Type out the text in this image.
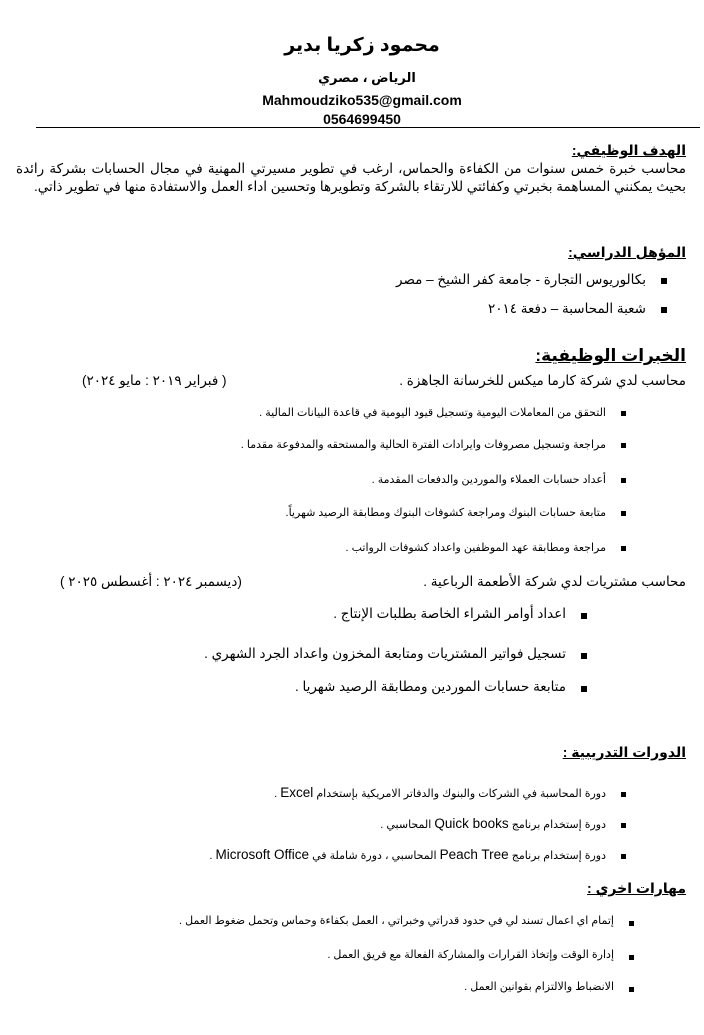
محمود زكريا بدير
الرياض ، مصري
Mahmoudziko535@gmail.com
0564699450
الهدف الوظيفي:
محاسب خبرة خمس سنوات من الكفاءة والحماس، ارغب في تطوير مسيرتي المهنية في مجال الحسابات بشركة رائدة بحيث يمكنني المساهمة بخبرتي وكفائتي للارتقاء بالشركة وتطويرها وتحسين اداء العمل والاستفادة منها في تطوير ذاتي.
المؤهل الدراسي:
بكالوريوس التجارة - جامعة كفر الشيخ – مصر
شعبة المحاسبة – دفعة ٢٠١٤
الخبرات الوظيفية:
محاسب لدي شركة كارما ميكس للخرسانة الجاهزة .
( فبراير ٢٠١٩ : مايو ٢٠٢٤)
التحقق من المعاملات اليومية وتسجيل قيود اليومية في قاعدة البيانات المالية .
مراجعة وتسجيل مصروفات وايرادات الفترة الحالية والمستحقه والمدفوعة مقدما .
أعداد حسابات العملاء والموردين والدفعات المقدمة .
متابعة حسابات البنوك ومراجعة كشوفات البنوك ومطابقة الرصيد شهرياً.
مراجعة ومطابقة عهد الموظفين واعداد كشوفات الرواتب .
محاسب مشتريات لدي شركة الأطعمة الرباعية .
(ديسمبر ٢٠٢٤ : أغسطس ٢٠٢٥ )
اعداد أوامر الشراء الخاصة بطلبات الإنتاج .
تسجيل فواتير المشتريات ومتابعة المخزون واعداد الجرد الشهري .
متابعة حسابات الموردين ومطابقة الرصيد شهريا .
الدورات التدريبية :
دورة المحاسبة في الشركات والبنوك والدفاتر الامريكية بإستخدام Excel .
دورة إستخدام برنامج Quick books المحاسبي .
دورة إستخدام برنامج Peach Tree المحاسبي ، دورة شاملة في Microsoft Office .
مهارات اخري :
إتمام اي اعمال تسند لي في حدود قدراتي وخبراتي ، العمل بكفاءة وحماس وتحمل ضغوط العمل .
إدارة الوقت وإتخاذ القرارات والمشاركة الفعالة مع فريق العمل .
الانضباط والالتزام بقوانين العمل .
